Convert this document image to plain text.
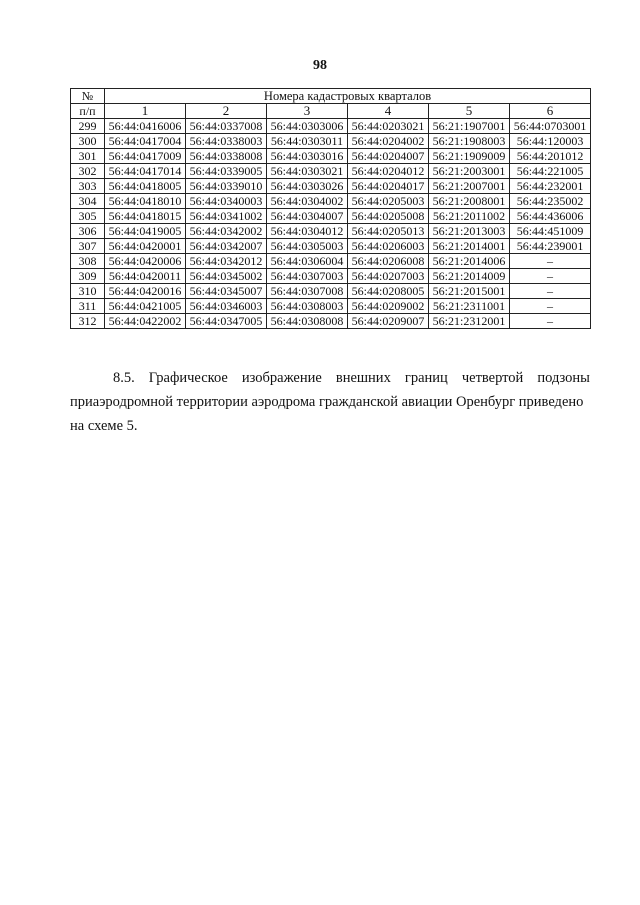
98
№	Номера кадастровых кварталов					
п/п	1	2	3	4	5	6
299	56:44:0416006	56:44:0337008	56:44:0303006	56:44:0203021	56:21:1907001	56:44:0703001
300	56:44:0417004	56:44:0338003	56:44:0303011	56:44:0204002	56:21:1908003	56:44:120003
301	56:44:0417009	56:44:0338008	56:44:0303016	56:44:0204007	56:21:1909009	56:44:201012
302	56:44:0417014	56:44:0339005	56:44:0303021	56:44:0204012	56:21:2003001	56:44:221005
303	56:44:0418005	56:44:0339010	56:44:0303026	56:44:0204017	56:21:2007001	56:44:232001
304	56:44:0418010	56:44:0340003	56:44:0304002	56:44:0205003	56:21:2008001	56:44:235002
305	56:44:0418015	56:44:0341002	56:44:0304007	56:44:0205008	56:21:2011002	56:44:436006
306	56:44:0419005	56:44:0342002	56:44:0304012	56:44:0205013	56:21:2013003	56:44:451009
307	56:44:0420001	56:44:0342007	56:44:0305003	56:44:0206003	56:21:2014001	56:44:239001
308	56:44:0420006	56:44:0342012	56:44:0306004	56:44:0206008	56:21:2014006	–
309	56:44:0420011	56:44:0345002	56:44:0307003	56:44:0207003	56:21:2014009	–
310	56:44:0420016	56:44:0345007	56:44:0307008	56:44:0208005	56:21:2015001	–
311	56:44:0421005	56:44:0346003	56:44:0308003	56:44:0209002	56:21:2311001	–
312	56:44:0422002	56:44:0347005	56:44:0308008	56:44:0209007	56:21:2312001	–
8.5. Графическое изображение внешних границ четвертой подзоны
приаэродромной территории аэродрома гражданской авиации Оренбург приведено
на схеме 5.
